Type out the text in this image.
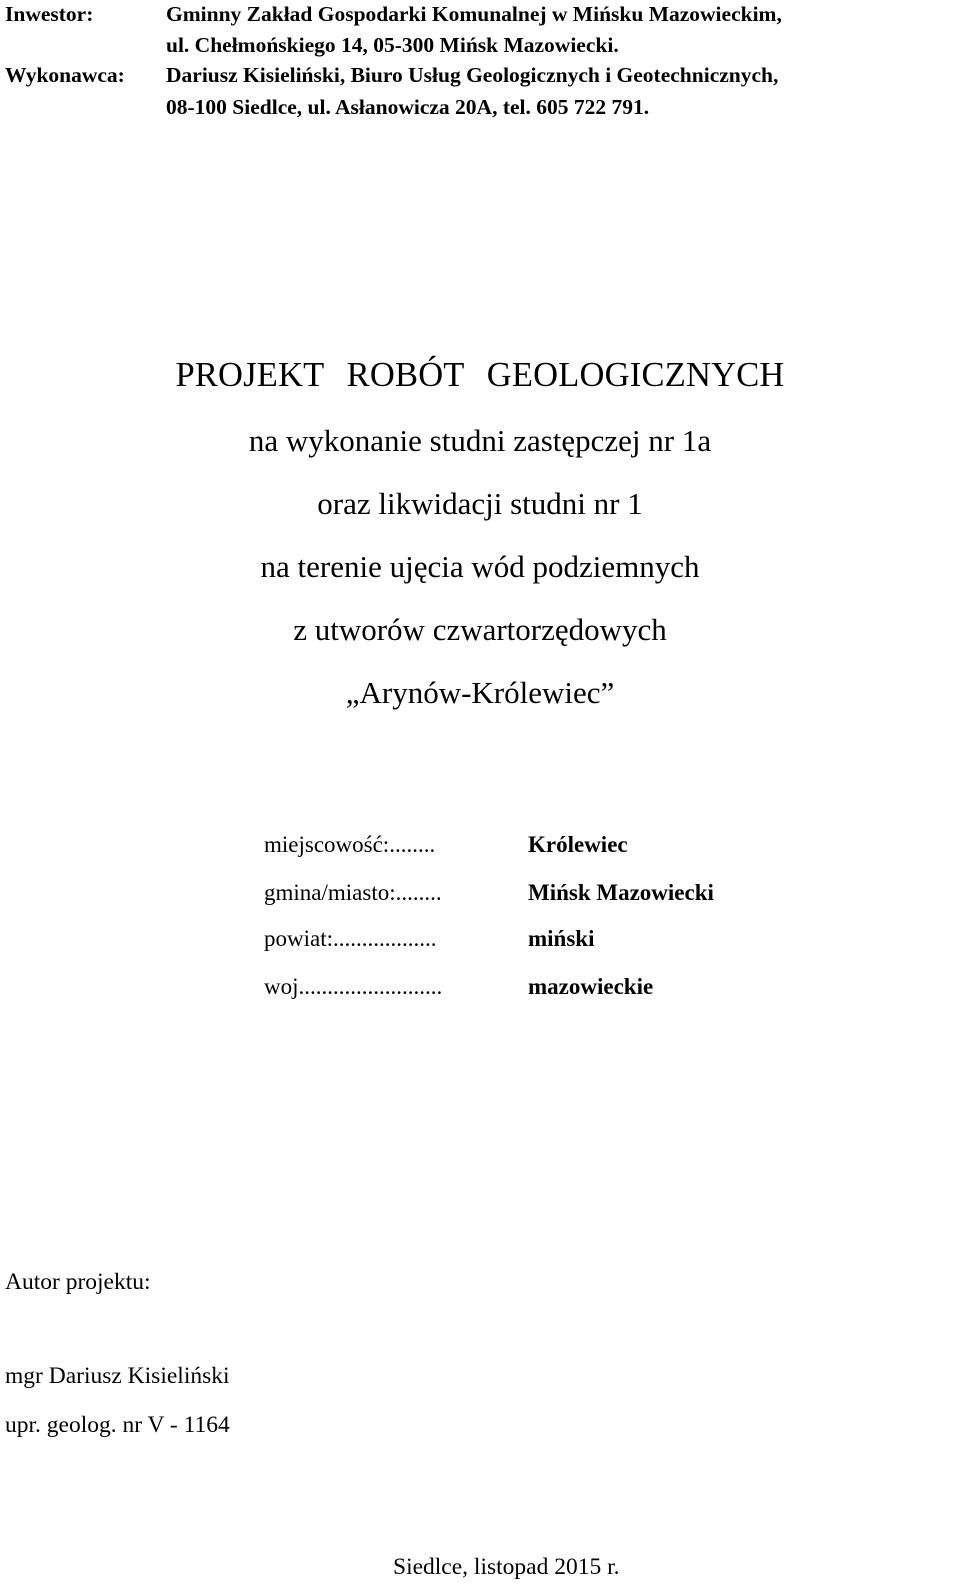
Inwestor:	Gminny Zakład Gospodarki Komunalnej w Mińsku Mazowieckim,
ul. Chełmońskiego 14, 05-300 Mińsk Mazowiecki.
Wykonawca: Dariusz Kisieliński, Biuro Usług Geologicznych i Geotechnicznych,
08-100 Siedlce, ul. Asłanowicza 20A, tel. 605 722 791.
PROJEKT ROBÓT GEOLOGICZNYCH
na wykonanie studni zastępczej nr 1a
oraz likwidacji studni nr 1
na terenie ujęcia wód podziemnych
z utworów czwartorzędowych
„Arynów-Królewiec”
miejscowość:........	Królewiec
gmina/miasto:........	Mińsk Mazowiecki
powiat:..................	miński
woj.........................	mazowieckie
Autor projektu:
mgr Dariusz Kisieliński
upr. geolog. nr V - 1164
Siedlce, listopad 2015 r.
